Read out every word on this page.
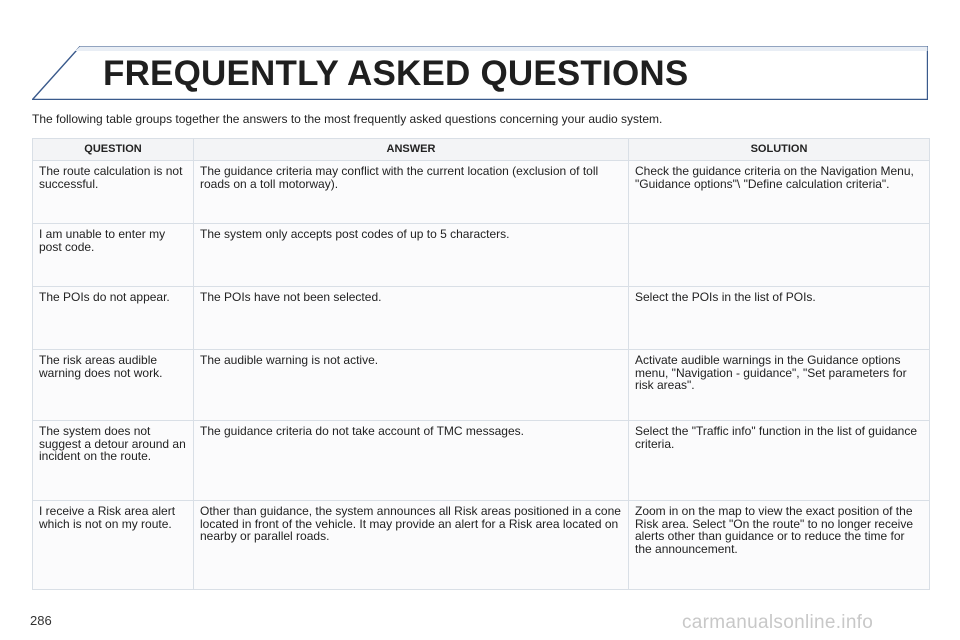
FREQUENTLY ASKED QUESTIONS
The following table groups together the answers to the most frequently asked questions concerning your audio system.
QUESTION	ANSWER	SOLUTION
The route calculation is not successful.	The guidance criteria may conflict with the current location (exclusion of toll roads on a toll motorway).	Check the guidance criteria on the Navigation Menu, "Guidance options"\ "Define calculation criteria".
I am unable to enter my post code.	The system only accepts post codes of up to 5 characters.	
The POIs do not appear.	The POIs have not been selected.	Select the POIs in the list of POIs.
The risk areas audible warning does not work.	The audible warning is not active.	Activate audible warnings in the Guidance options menu, "Navigation - guidance", "Set parameters for risk areas".
The system does not suggest a detour around an incident on the route.	The guidance criteria do not take account of TMC messages.	Select the "Traffic info" function in the list of guidance criteria.
I receive a Risk area alert which is not on my route.	Other than guidance, the system announces all Risk areas positioned in a cone located in front of the vehicle. It may provide an alert for a Risk area located on nearby or parallel roads.	Zoom in on the map to view the exact position of the Risk area. Select "On the route" to no longer receive alerts other than guidance or to reduce the time for the announcement.
286	carmanualsonline.info
